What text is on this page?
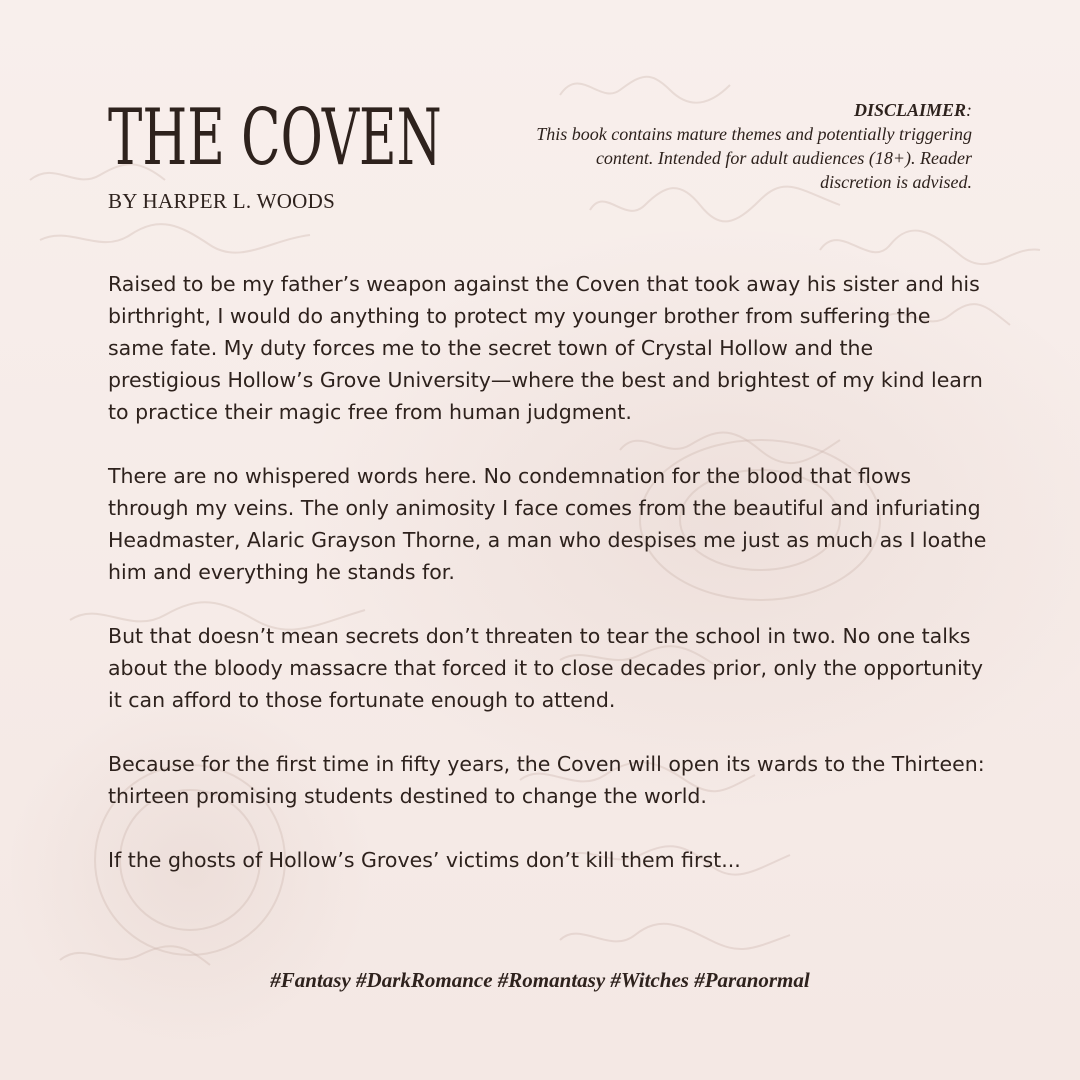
THE COVEN
BY HARPER L. WOODS
DISCLAIMER:
This book contains mature themes and potentially triggering content. Intended for adult audiences (18+). Reader discretion is advised.

Raised to be my father’s weapon against the Coven that took away his sister and his birthright, I would do anything to protect my younger brother from suffering the same fate. My duty forces me to the secret town of Crystal Hollow and the prestigious Hollow’s Grove University—where the best and brightest of my kind learn to practice their magic free from human judgment.

There are no whispered words here. No condemnation for the blood that flows through my veins. The only animosity I face comes from the beautiful and infuriating Headmaster, Alaric Grayson Thorne, a man who despises me just as much as I loathe him and everything he stands for.

But that doesn’t mean secrets don’t threaten to tear the school in two. No one talks about the bloody massacre that forced it to close decades prior, only the opportunity it can afford to those fortunate enough to attend.

Because for the first time in fifty years, the Coven will open its wards to the Thirteen: thirteen promising students destined to change the world.

If the ghosts of Hollow’s Groves’ victims don’t kill them first...

#Fantasy #DarkRomance #Romantasy #Witches #Paranormal
